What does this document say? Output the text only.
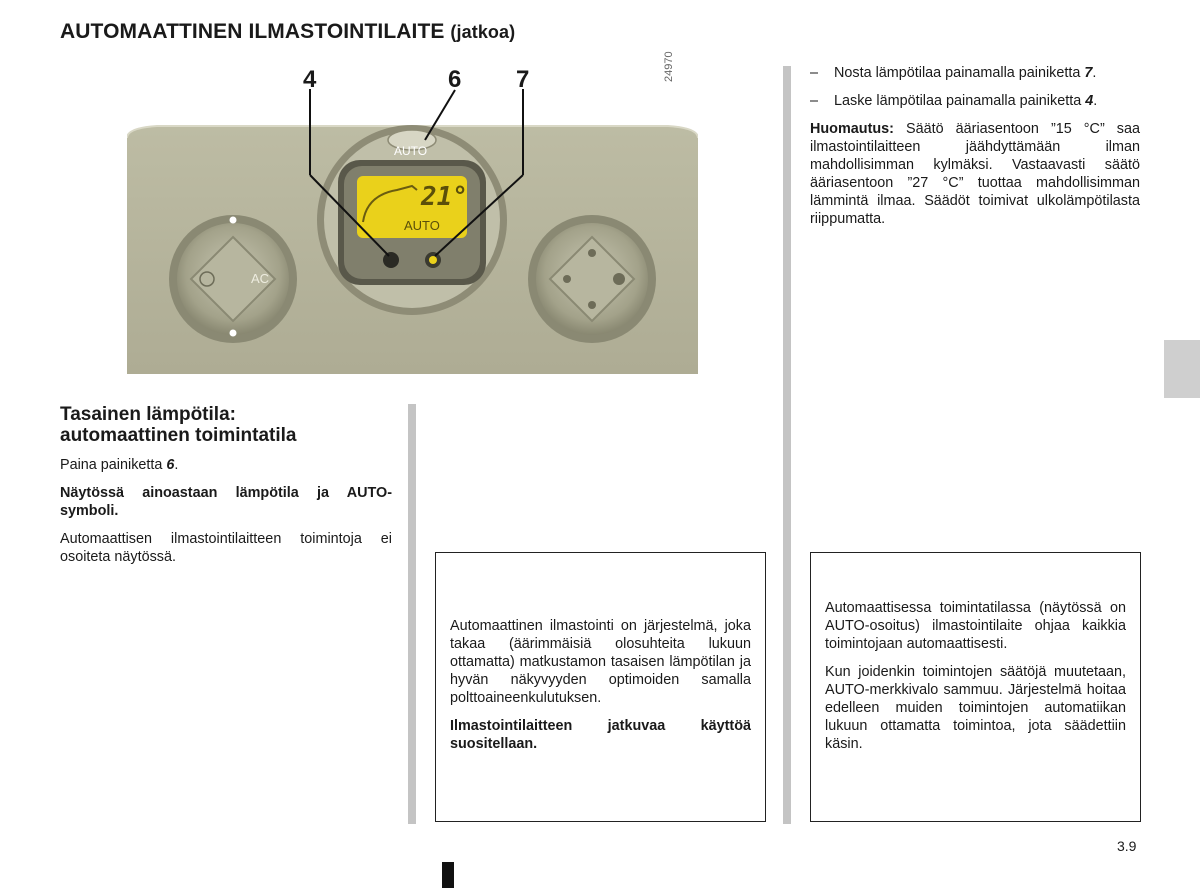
AUTOMAATTINEN ILMASTOINTILAITE (jatkoa)
AUTO
21°
AUTO
AC
24970
4	6 7
Tasainen lämpötila:
automaattinen toimintatila

Paina painiketta 6.

Näytössä ainoastaan lämpötila ja AUTO-symboli.

Automaattisen ilmastointilaitteen toimintoja ei osoiteta näytössä.

– Nosta lämpötilaa painamalla painiketta 7.

– Laske lämpötilaa painamalla painiketta 4.

Huomautus: Säätö ääriasentoon ”15 °C” saa ilmastointilaitteen jäähdyttämään ilman mahdollisimman kylmäksi. Vastaavasti säätö ääriasentoon ”27 °C” tuottaa mahdollisimman lämmintä ilmaa. Säädöt toimivat ulkolämpötilasta riippumatta.

Automaattinen ilmastointi on järjestelmä, joka takaa (äärimmäisiä olosuhteita lukuun ottamatta) matkustamon tasaisen lämpötilan ja hyvän näkyvyyden optimoiden samalla polttoaineenkulutuksen.

Ilmastointilaitteen jatkuvaa käyttöä suositellaan.

Automaattisessa toimintatilassa (näytössä on AUTO-osoitus) ilmastointilaite ohjaa kaikkia toimintojaan automaattisesti.

Kun joidenkin toimintojen säätöjä muutetaan, AUTO-merkkivalo sammuu. Järjestelmä hoitaa edelleen muiden toimintojen automatiikan lukuun ottamatta toimintoa, jota säädettiin käsin.

3.9
